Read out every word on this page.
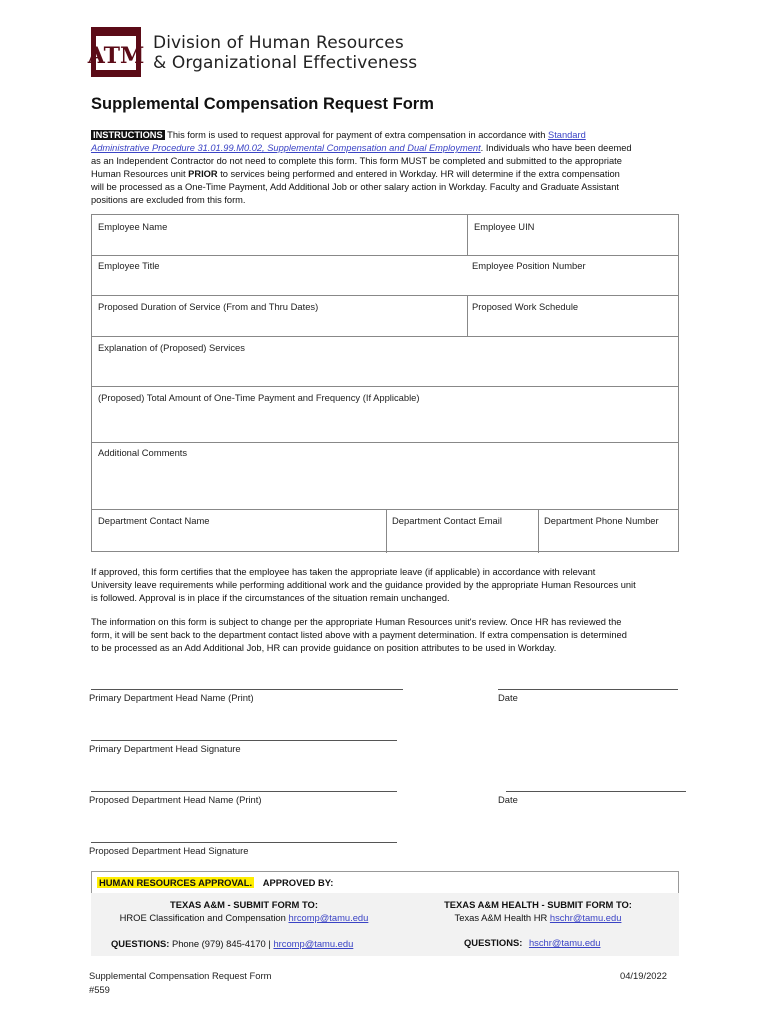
ATM Division of Human Resources
& Organizational Effectiveness
Supplemental Compensation Request Form
INSTRUCTIONS This form is used to request approval for payment of extra compensation in accordance with Standard
Administrative Procedure 31.01.99.M0.02, Supplemental Compensation and Dual Employment. Individuals who have been deemed
as an Independent Contractor do not need to complete this form. This form MUST be completed and submitted to the appropriate
Human Resources unit PRIOR to services being performed and entered in Workday. HR will determine if the extra compensation
will be processed as a One-Time Payment, Add Additional Job or other salary action in Workday. Faculty and Graduate Assistant
positions are excluded from this form.
Employee Name	Employee UIN
Employee Title	Employee Position Number
Proposed Duration of Service (From and Thru Dates)	Proposed Work Schedule
Explanation of (Proposed) Services
(Proposed) Total Amount of One-Time Payment and Frequency (If Applicable)
Additional Comments
Department Contact Name	Department Contact Email	Department Phone Number
If approved, this form certifies that the employee has taken the appropriate leave (if applicable) in accordance with relevant
University leave requirements while performing additional work and the guidance provided by the appropriate Human Resources unit
is followed. Approval is in place if the circumstances of the situation remain unchanged.
The information on this form is subject to change per the appropriate Human Resources unit's review. Once HR has reviewed the
form, it will be sent back to the department contact listed above with a payment determination. If extra compensation is determined
to be processed as an Add Additional Job, HR can provide guidance on position attributes to be used in Workday.
Primary Department Head Name (Print)	Date
Primary Department Head Signature
Proposed Department Head Name (Print)	Date
Proposed Department Head Signature
HUMAN RESOURCES APPROVAL. APPROVED BY:
TEXAS A&M - SUBMIT FORM TO:
HROE Classification and Compensation hrcomp@tamu.edu
TEXAS A&M HEALTH - SUBMIT FORM TO:
Texas A&M Health HR hschr@tamu.edu
QUESTIONS: Phone (979) 845-4170 | hrcomp@tamu.edu	QUESTIONS: hschr@tamu.edu
Supplemental Compensation Request Form
#559
04/19/2022
